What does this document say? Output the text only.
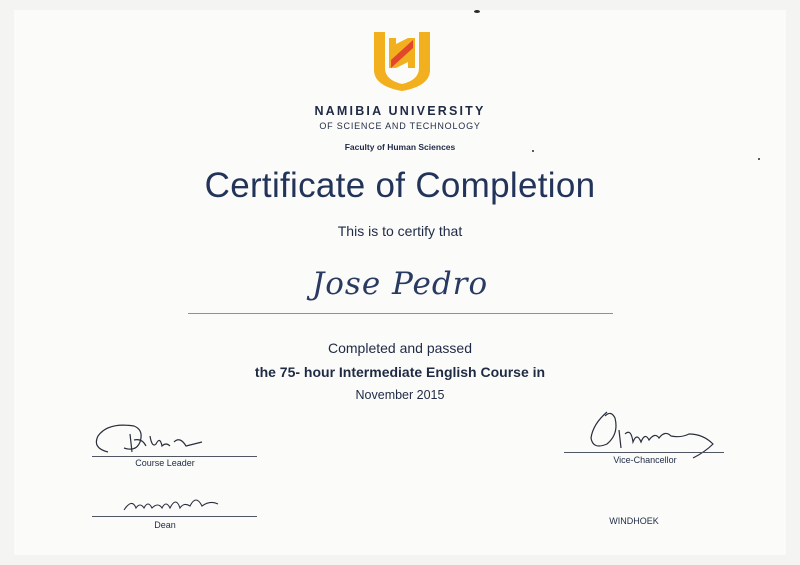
NAMIBIA UNIVERSITY
OF SCIENCE AND TECHNOLOGY
Faculty of Human Sciences
Certificate of Completion
This is to certify that
Jose Pedro
Completed and passed
the 75- hour Intermediate English Course in
November 2015
Course Leader	Vice-Chancellor
Dean	WINDHOEK
